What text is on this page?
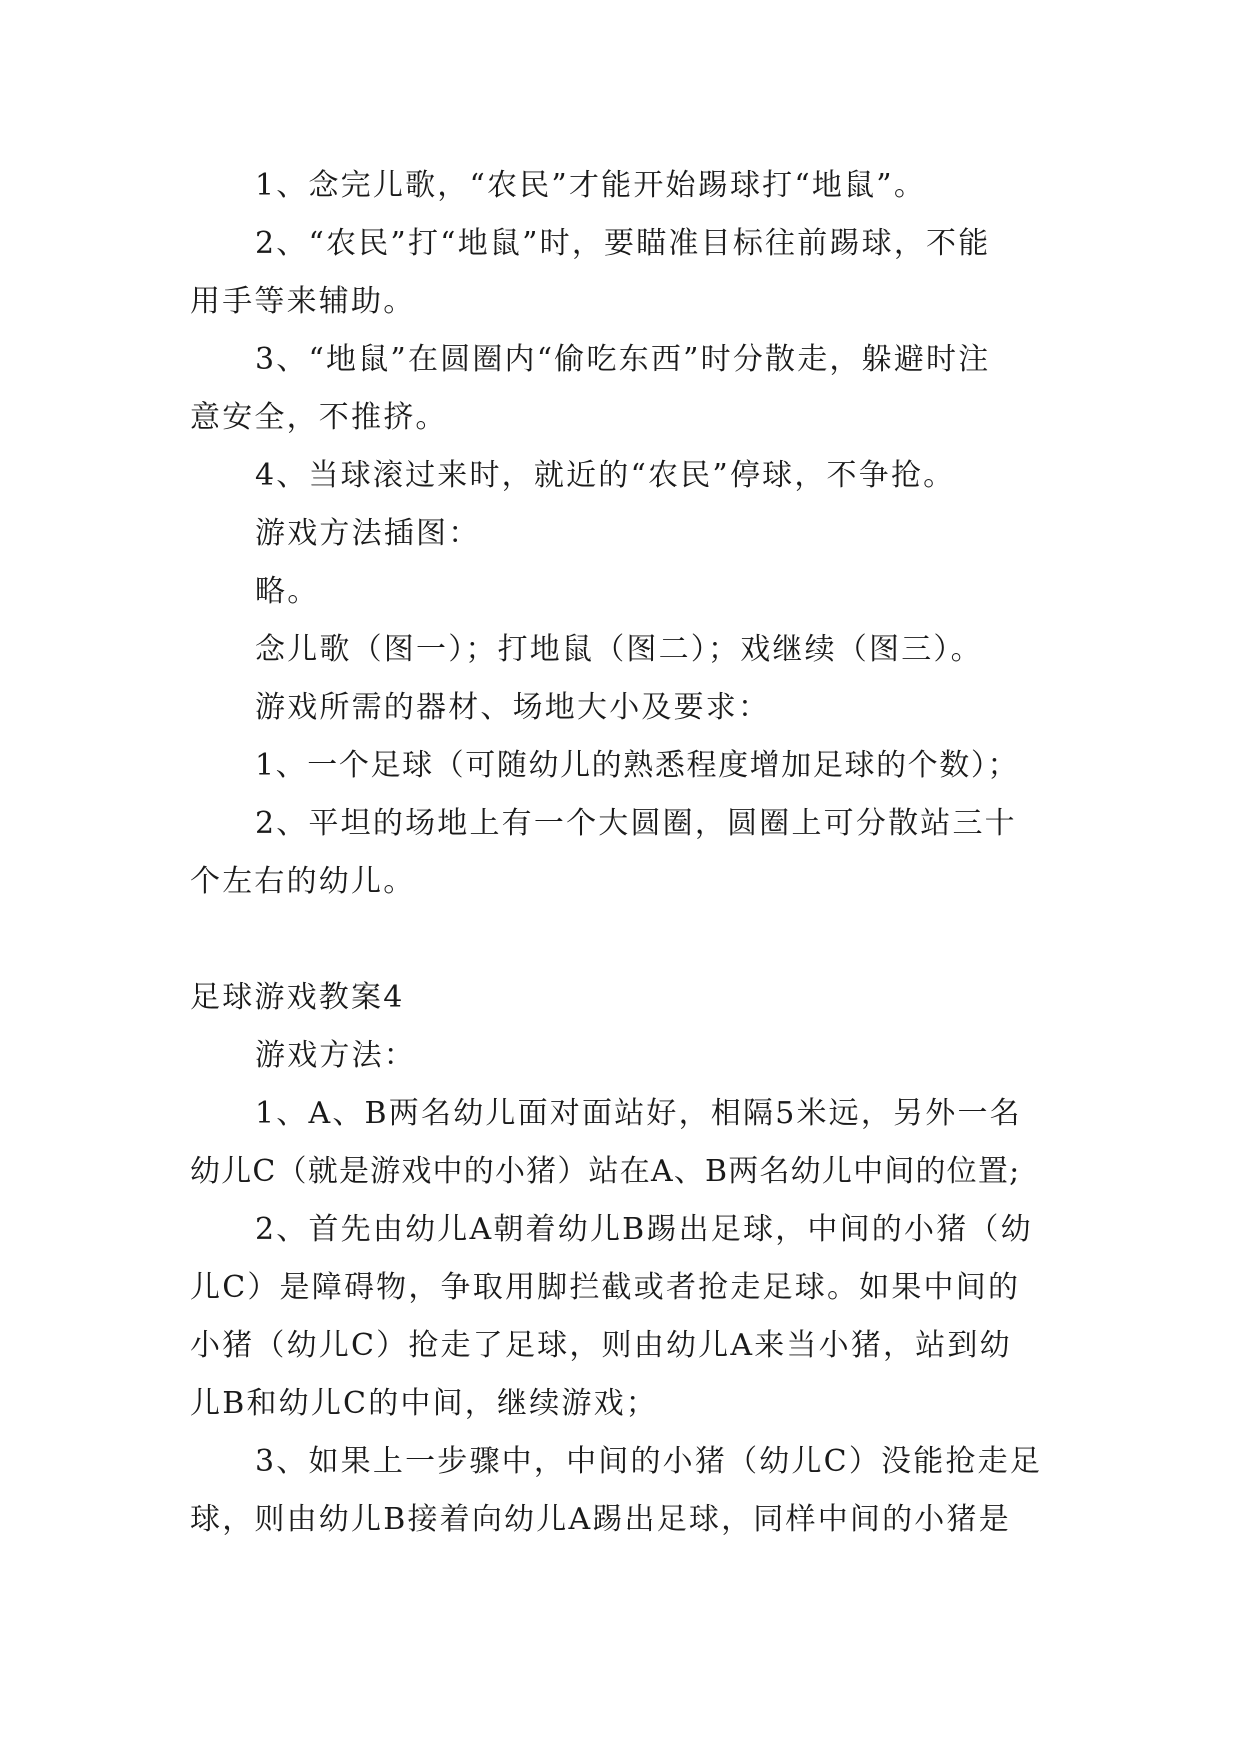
1、念完儿歌，“农民”才能开始踢球打“地鼠”。
2、“农民”打“地鼠”时，要瞄准目标往前踢球，不能
用手等来辅助。
3、“地鼠”在圆圈内“偷吃东西”时分散走，躲避时注
意安全，不推挤。
4、当球滚过来时，就近的“农民”停球，不争抢。
游戏方法插图：
略。
念儿歌（图一）；打地鼠（图二）；戏继续（图三）。
游戏所需的器材、场地大小及要求：
1、一个足球（可随幼儿的熟悉程度增加足球的个数）；
2、平坦的场地上有一个大圆圈，圆圈上可分散站三十
个左右的幼儿。
足球游戏教案4
游戏方法：
1、A、B两名幼儿面对面站好，相隔5米远，另外一名
幼儿C（就是游戏中的小猪）站在A、B两名幼儿中间的位置;
2、首先由幼儿A朝着幼儿B踢出足球，中间的小猪（幼
儿C）是障碍物，争取用脚拦截或者抢走足球。如果中间的
小猪（幼儿C）抢走了足球，则由幼儿A来当小猪，站到幼
儿B和幼儿C的中间，继续游戏；
3、如果上一步骤中，中间的小猪（幼儿C）没能抢走足
球，则由幼儿B接着向幼儿A踢出足球，同样中间的小猪是
